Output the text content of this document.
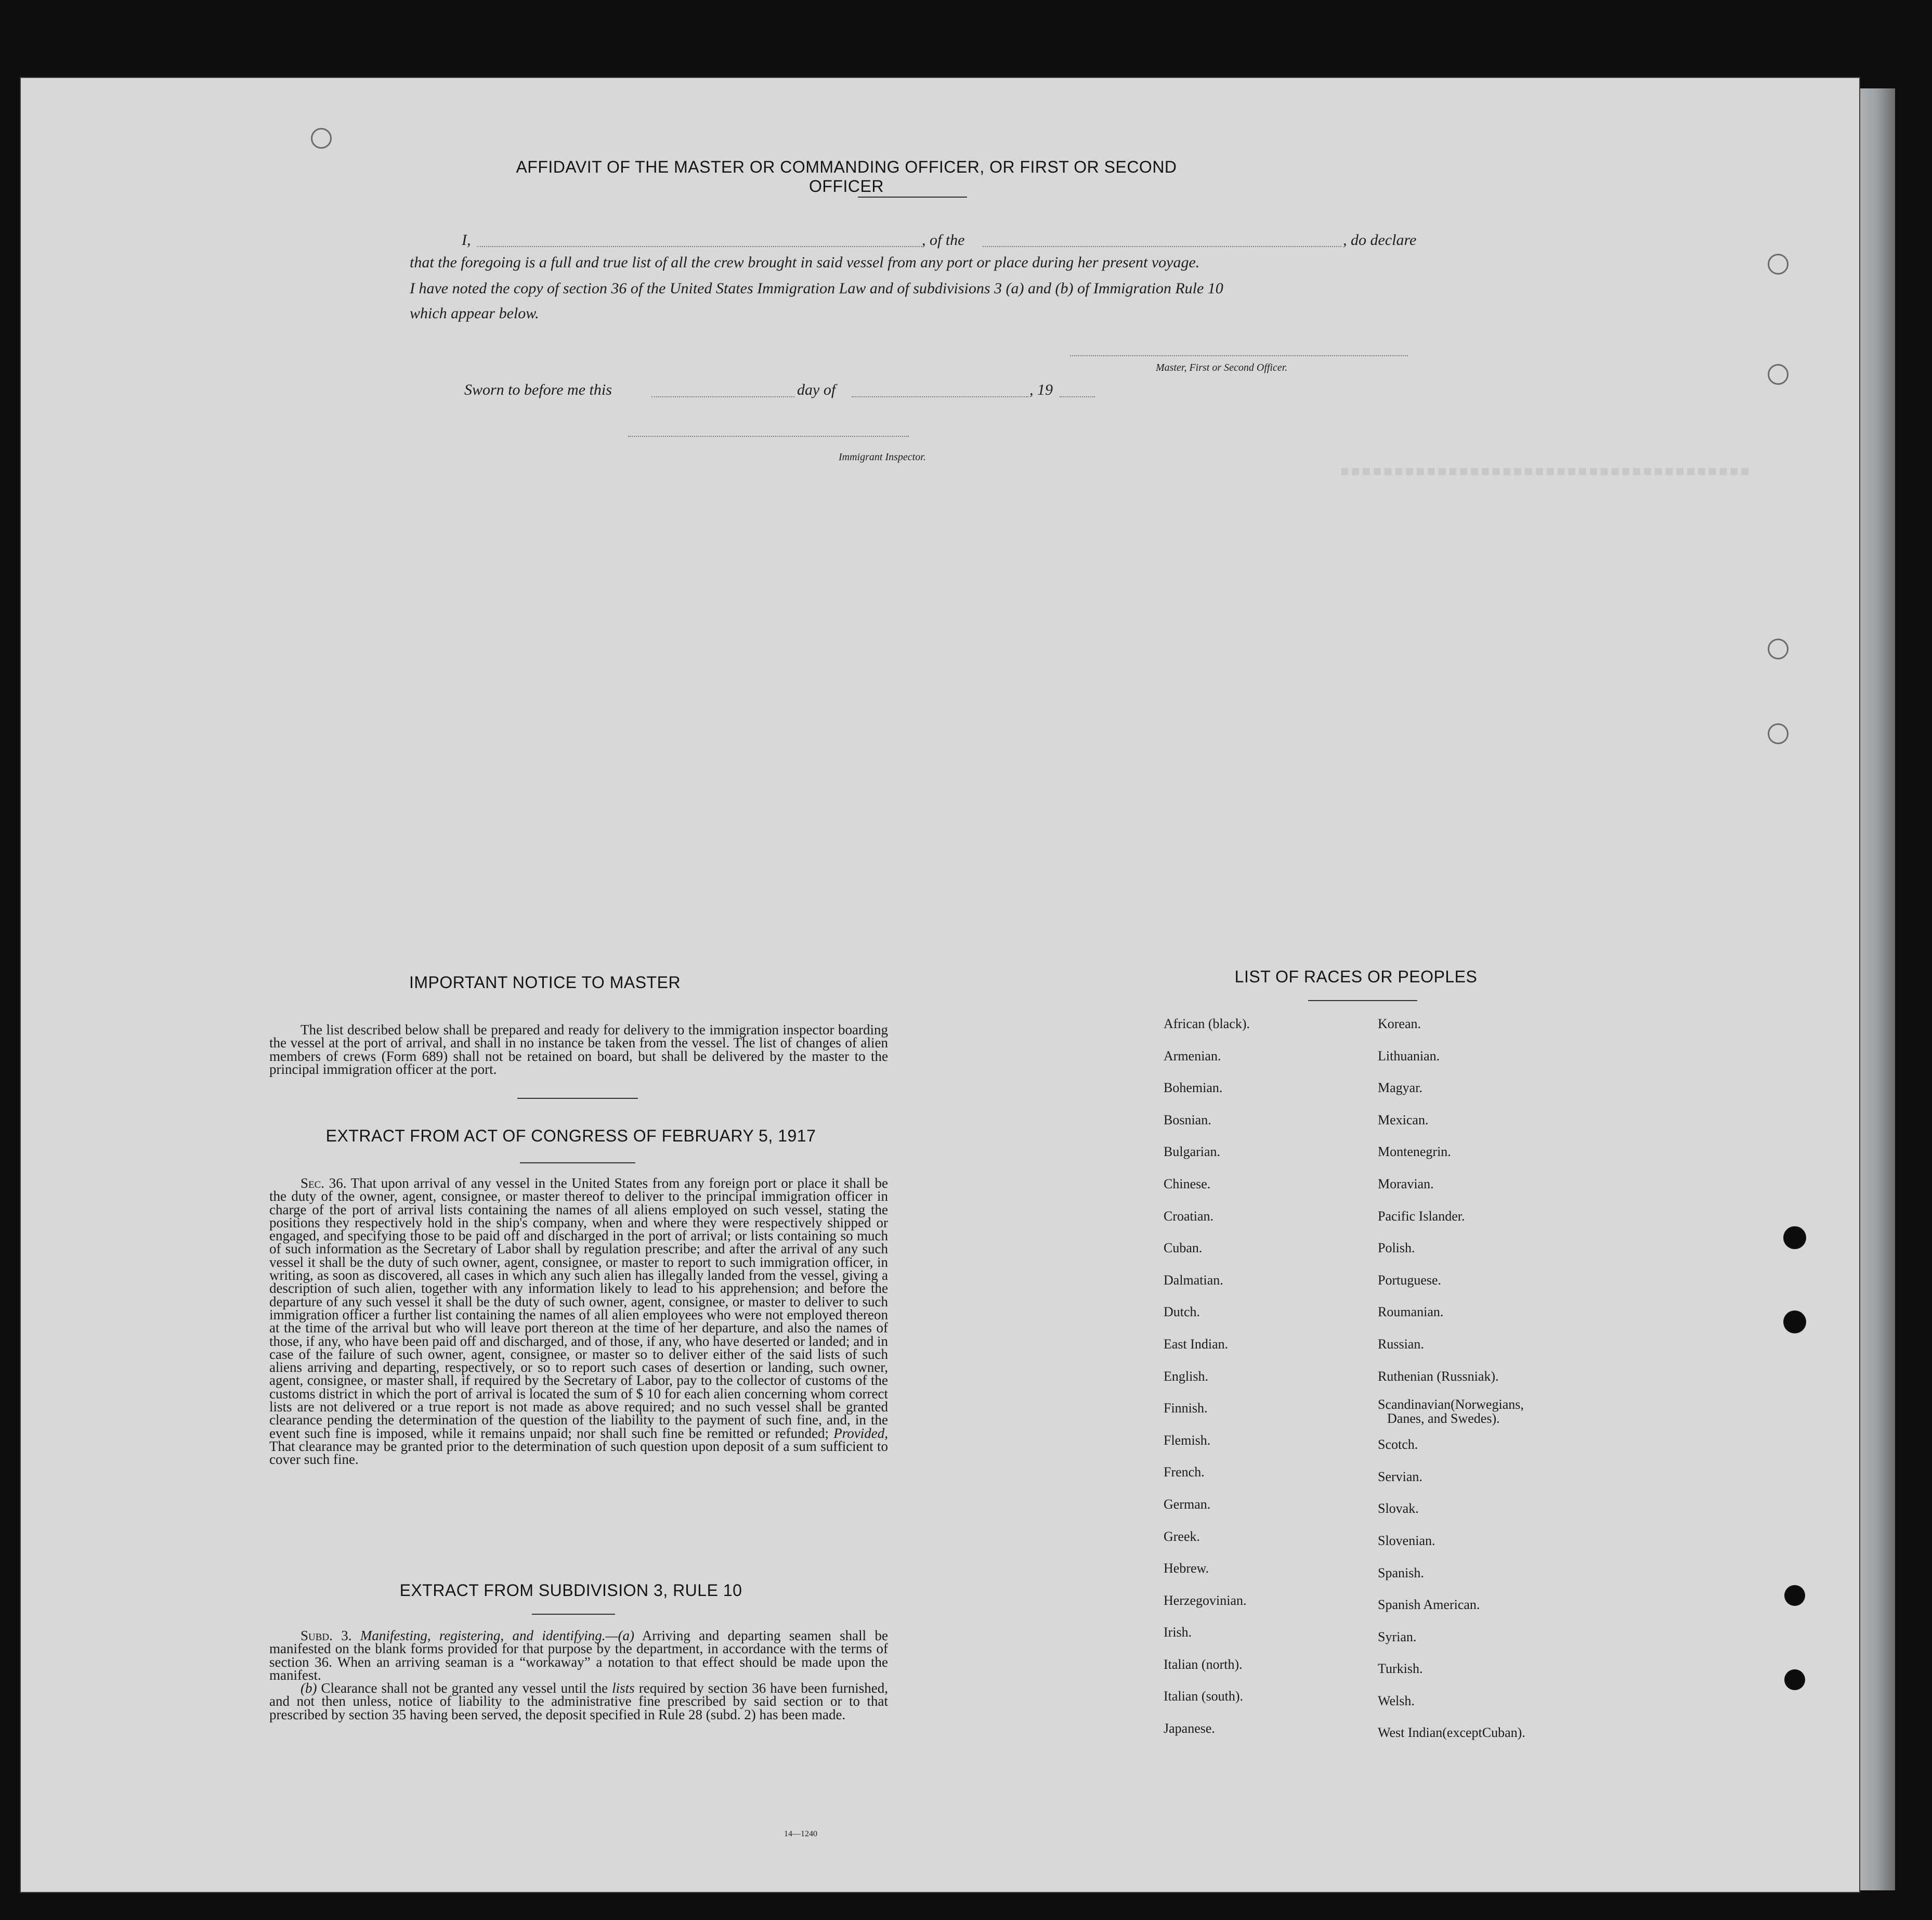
■■■■■■■■■■■■■■■■■■■■■■■■■■■■■■■■■■■■■■
AFFIDAVIT OF THE MASTER OR COMMANDING OFFICER, OR FIRST OR SECOND OFFICER
I,	, of the	, do declare
that the foregoing is a full and true list of all the crew brought in said vessel from any port or place during her present voyage.
I have noted the copy of section 36 of the United States Immigration Law and of subdivisions 3 (a) and (b) of Immigration Rule 10
which appear below.
Master, First or Second Officer.
Sworn to before me this	day of	, 19
Immigrant Inspector.
IMPORTANT NOTICE TO MASTER

The list described below shall be prepared and ready for delivery to the immigration inspector boarding the vessel at the port of arrival, and shall in no instance be taken from the vessel. The list of changes of alien members of crews (Form 689) shall not be retained on board, but shall be delivered by the master to the principal immigration officer at the port.

EXTRACT FROM ACT OF CONGRESS OF FEBRUARY 5, 1917

Sec. 36. That upon arrival of any vessel in the United States from any foreign port or place it shall be the duty of the owner, agent, consignee, or master thereof to deliver to the principal immigration officer in charge of the port of arrival lists containing the names of all aliens employed on such vessel, stating the positions they respectively hold in the ship's company, when and where they were respectively shipped or engaged, and specifying those to be paid off and discharged in the port of arrival; or lists containing so much of such information as the Secretary of Labor shall by regulation prescribe; and after the arrival of any such vessel it shall be the duty of such owner, agent, consignee, or master to report to such immigration officer, in writing, as soon as discovered, all cases in which any such alien has illegally landed from the vessel, giving a description of such alien, together with any information likely to lead to his apprehension; and before the departure of any such vessel it shall be the duty of such owner, agent, consignee, or master to deliver to such immigration officer a further list containing the names of all alien employees who were not employed thereon at the time of the arrival but who will leave port thereon at the time of her departure, and also the names of those, if any, who have been paid off and discharged, and of those, if any, who have deserted or landed; and in case of the failure of such owner, agent, consignee, or master so to deliver either of the said lists of such aliens arriving and departing, respectively, or so to report such cases of desertion or landing, such owner, agent, consignee, or master shall, if required by the Secretary of Labor, pay to the collector of customs of the customs district in which the port of arrival is located the sum of $ 10 for each alien concerning whom correct lists are not delivered or a true report is not made as above required; and no such vessel shall be granted clearance pending the determination of the question of the liability to the payment of such fine, and, in the event such fine is imposed, while it remains unpaid; nor shall such fine be remitted or refunded; Provided, That clearance may be granted prior to the determination of such question upon deposit of a sum sufficient to cover such fine.

EXTRACT FROM SUBDIVISION 3, RULE 10

Subd. 3. Manifesting, registering, and identifying.—(a) Arriving and departing seamen shall be manifested on the blank forms provided for that purpose by the department, in accordance with the terms of section 36. When an arriving seaman is a “workaway” a notation to that effect should be made upon the manifest.

(b) Clearance shall not be granted any vessel until the lists required by section 36 have been furnished, and not then unless, notice of liability to the administrative fine prescribed by said section or to that prescribed by section 35 having been served, the deposit specified in Rule 28 (subd. 2) has been made.

14—1240
LIST OF RACES OR PEOPLES
African (black).
Armenian.
Bohemian.
Bosnian.
Bulgarian.
Chinese.
Croatian.
Cuban.
Dalmatian.
Dutch.
East Indian.
English.
Finnish.
Flemish.
French.
German.
Greek.
Hebrew.
Herzegovinian.
Irish.
Italian (north).
Italian (south).
Japanese.
Korean.
Lithuanian.
Magyar.
Mexican.
Montenegrin.
Moravian.
Pacific Islander.
Polish.
Portuguese.
Roumanian.
Russian.
Ruthenian (Russniak).
Scandinavian(Norwegians,
Danes, and Swedes).
Scotch.
Servian.
Slovak.
Slovenian.
Spanish.
Spanish American.
Syrian.
Turkish.
Welsh.
West Indian(exceptCuban).
